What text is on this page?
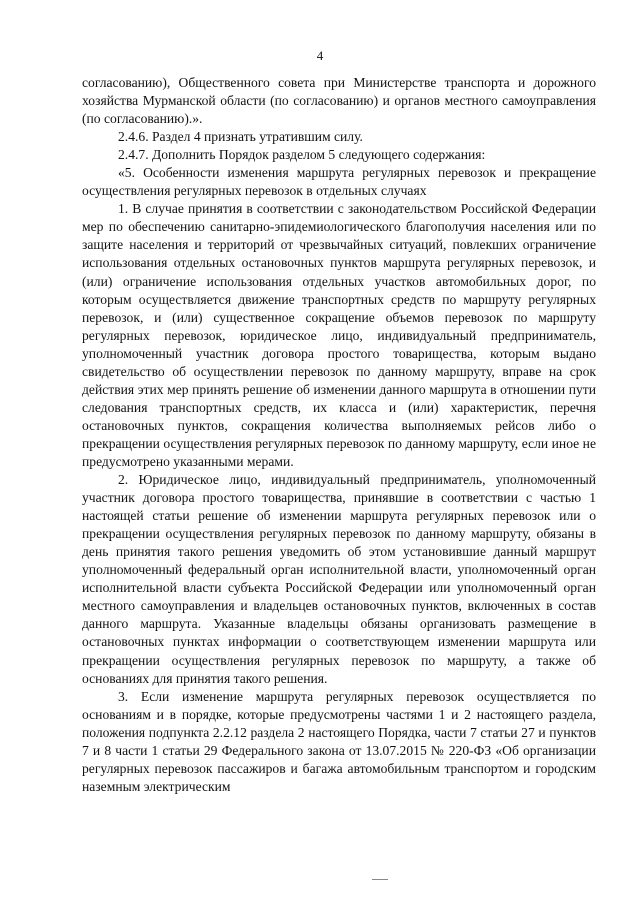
4

согласованию), Общественного совета при Министерстве транспорта и дорожного хозяйства Мурманской области (по согласованию) и органов местного самоуправления (по согласованию).».

2.4.6. Раздел 4 признать утратившим силу.

2.4.7. Дополнить Порядок разделом 5 следующего содержания:

«5. Особенности изменения маршрута регулярных перевозок и прекращение осуществления регулярных перевозок в отдельных случаях

1. В случае принятия в соответствии с законодательством Российской Федерации мер по обеспечению санитарно-эпидемиологического благополучия населения или по защите населения и территорий от чрезвычайных ситуаций, повлекших ограничение использования отдельных остановочных пунктов маршрута регулярных перевозок, и (или) ограничение использования отдельных участков автомобильных дорог, по которым осуществляется движение транспортных средств по маршруту регулярных перевозок, и (или) существенное сокращение объемов перевозок по маршруту регулярных перевозок, юридическое лицо, индивидуальный предприниматель, уполномоченный участник договора простого товарищества, которым выдано свидетельство об осуществлении перевозок по данному маршруту, вправе на срок действия этих мер принять решение об изменении данного маршрута в отношении пути следования транспортных средств, их класса и (или) характеристик, перечня остановочных пунктов, сокращения количества выполняемых рейсов либо о прекращении осуществления регулярных перевозок по данному маршруту, если иное не предусмотрено указанными мерами.

2. Юридическое лицо, индивидуальный предприниматель, уполномоченный участник договора простого товарищества, принявшие в соответствии с частью 1 настоящей статьи решение об изменении маршрута регулярных перевозок или о прекращении осуществления регулярных перевозок по данному маршруту, обязаны в день принятия такого решения уведомить об этом установившие данный маршрут уполномоченный федеральный орган исполнительной власти, уполномоченный орган исполнительной власти субъекта Российской Федерации или уполномоченный орган местного самоуправления и владельцев остановочных пунктов, включенных в состав данного маршрута. Указанные владельцы обязаны организовать размещение в остановочных пунктах информации о соответствующем изменении маршрута или прекращении осуществления регулярных перевозок по маршруту, а также об основаниях для принятия такого решения.

3. Если изменение маршрута регулярных перевозок осуществляется по основаниям и в порядке, которые предусмотрены частями 1 и 2 настоящего раздела, положения подпункта 2.2.12 раздела 2 настоящего Порядка, части 7 статьи 27 и пунктов 7 и 8 части 1 статьи 29 Федерального закона от 13.07.2015 № 220-ФЗ «Об организации регулярных перевозок пассажиров и багажа автомобильным транспортом и городским наземным электрическим
